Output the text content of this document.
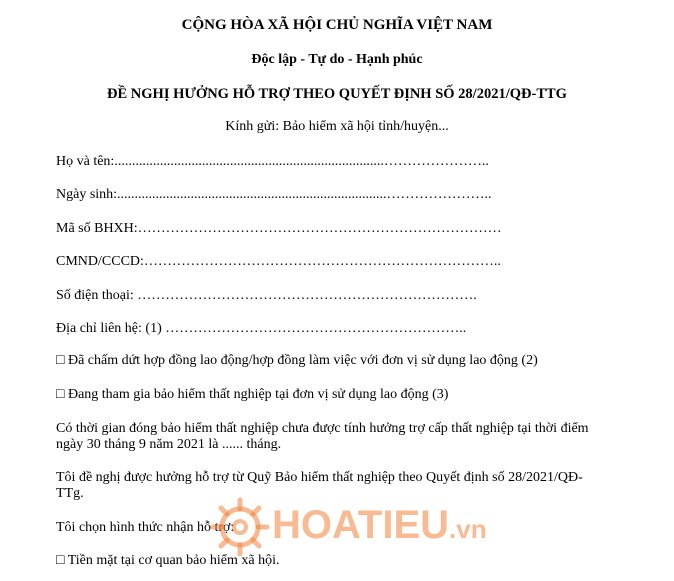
CỘNG HÒA XÃ HỘI CHỦ NGHĨA VIỆT NAM
Độc lập - Tự do - Hạnh phúc
ĐỀ NGHỊ HƯỞNG HỖ TRỢ THEO QUYẾT ĐỊNH SỐ 28/2021/QĐ-TTG
Kính gửi: Bảo hiểm xã hội tỉnh/huyện...
Họ và tên:.............................................................................…………………..
Ngày sinh:.............................................................................…………………..
Mã số BHXH:……………………………………………………………………
CMND/CCCD:…………………………………………………………………..
Số điện thoại: ……………………………………………………………….
Địa chỉ liên hệ: (1) ………………………………………………………..
□ Đã chấm dứt hợp đồng lao động/hợp đồng làm việc với đơn vị sử dụng lao động (2)
□ Đang tham gia bảo hiểm thất nghiệp tại đơn vị sử dụng lao động (3)
Có thời gian đóng bảo hiểm thất nghiệp chưa được tính hưởng trợ cấp thất nghiệp tại thời điểm
ngày 30 tháng 9 năm 2021 là ...... tháng.
Tôi đề nghị được hưởng hỗ trợ từ Quỹ Bảo hiểm thất nghiệp theo Quyết định số 28/2021/QĐ-
TTg.
Tôi chọn hình thức nhận hỗ trợ:
□ Tiền mặt tại cơ quan bảo hiểm xã hội.
HOATIEU.vn
